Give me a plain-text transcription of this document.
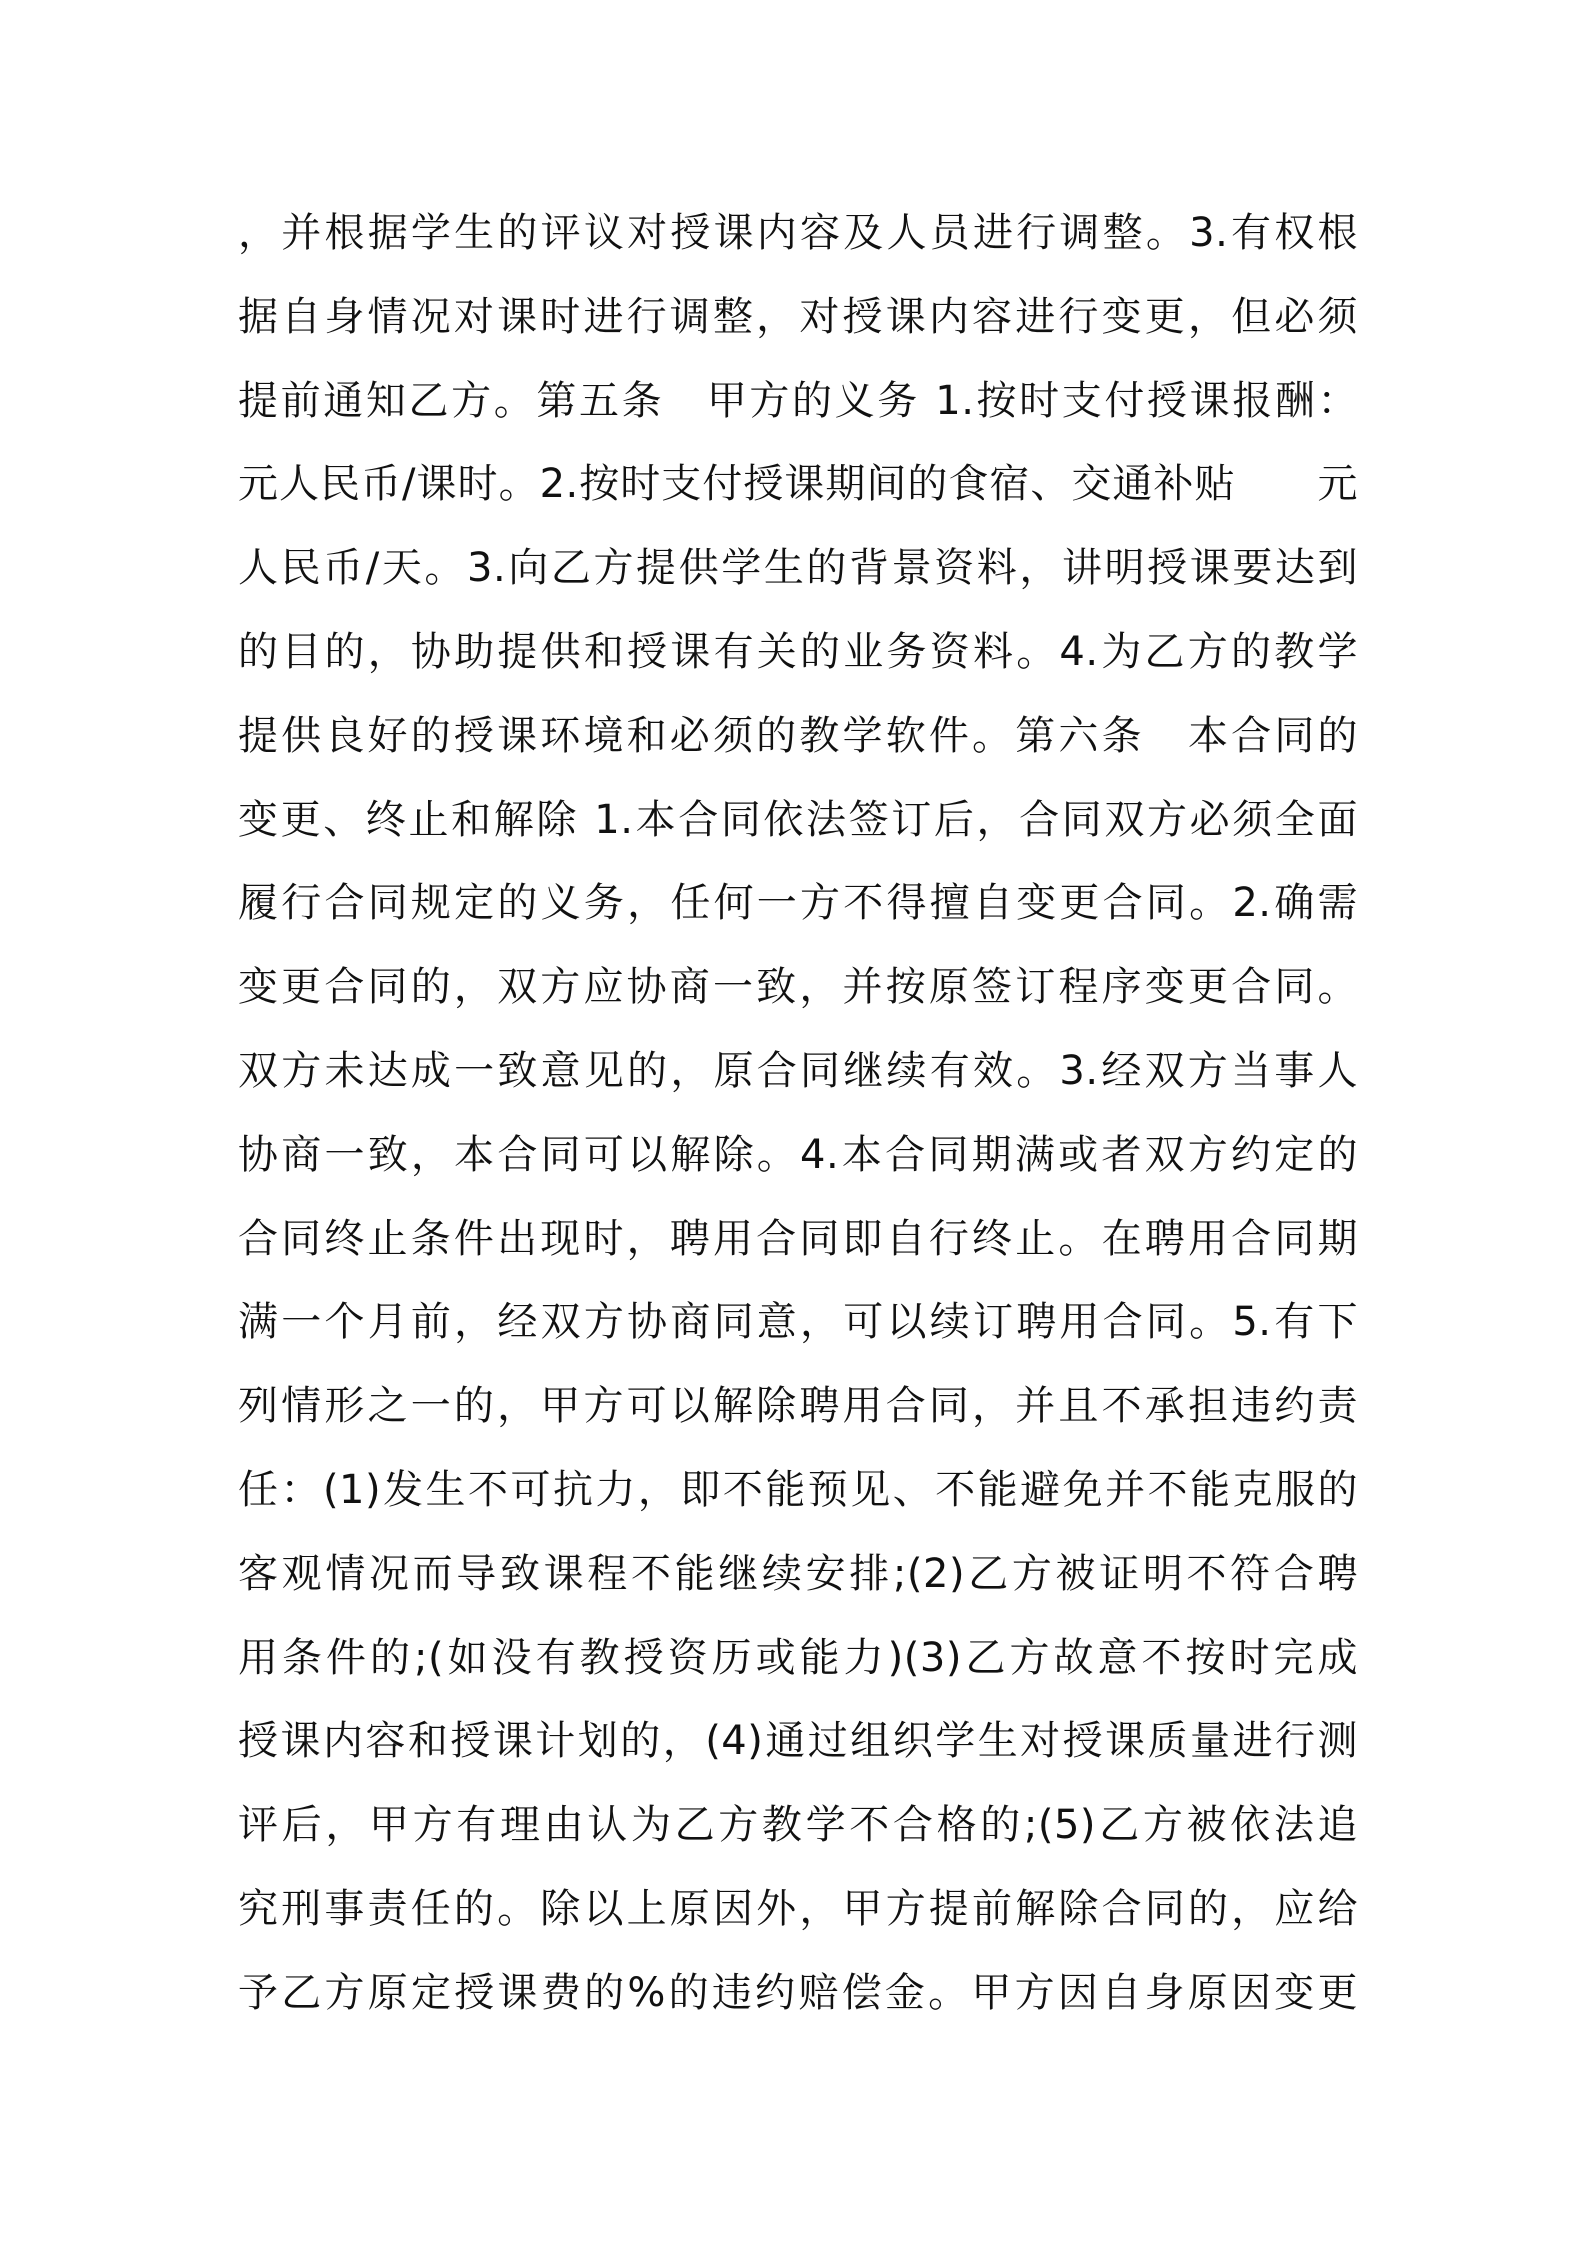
，并根据学生的评议对授课内容及人员进行调整。3.有权根
据自身情况对课时进行调整，对授课内容进行变更，但必须
提前通知乙方。第五条　甲方的义务 1.按时支付授课报酬：
元人民币/课时。2.按时支付授课期间的食宿、交通补贴　　元
人民币/天。3.向乙方提供学生的背景资料，讲明授课要达到
的目的，协助提供和授课有关的业务资料。4.为乙方的教学
提供良好的授课环境和必须的教学软件。第六条　本合同的
变更、终止和解除 1.本合同依法签订后，合同双方必须全面
履行合同规定的义务，任何一方不得擅自变更合同。2.确需
变更合同的，双方应协商一致，并按原签订程序变更合同。
双方未达成一致意见的，原合同继续有效。3.经双方当事人
协商一致，本合同可以解除。4.本合同期满或者双方约定的
合同终止条件出现时，聘用合同即自行终止。在聘用合同期
满一个月前，经双方协商同意，可以续订聘用合同。5.有下
列情形之一的，甲方可以解除聘用合同，并且不承担违约责
任：(1)发生不可抗力，即不能预见、不能避免并不能克服的
客观情况而导致课程不能继续安排;(2)乙方被证明不符合聘
用条件的;(如没有教授资历或能力)(3)乙方故意不按时完成
授课内容和授课计划的，(4)通过组织学生对授课质量进行测
评后，甲方有理由认为乙方教学不合格的;(5)乙方被依法追
究刑事责任的。除以上原因外，甲方提前解除合同的，应给
予乙方原定授课费的%的违约赔偿金。甲方因自身原因变更
